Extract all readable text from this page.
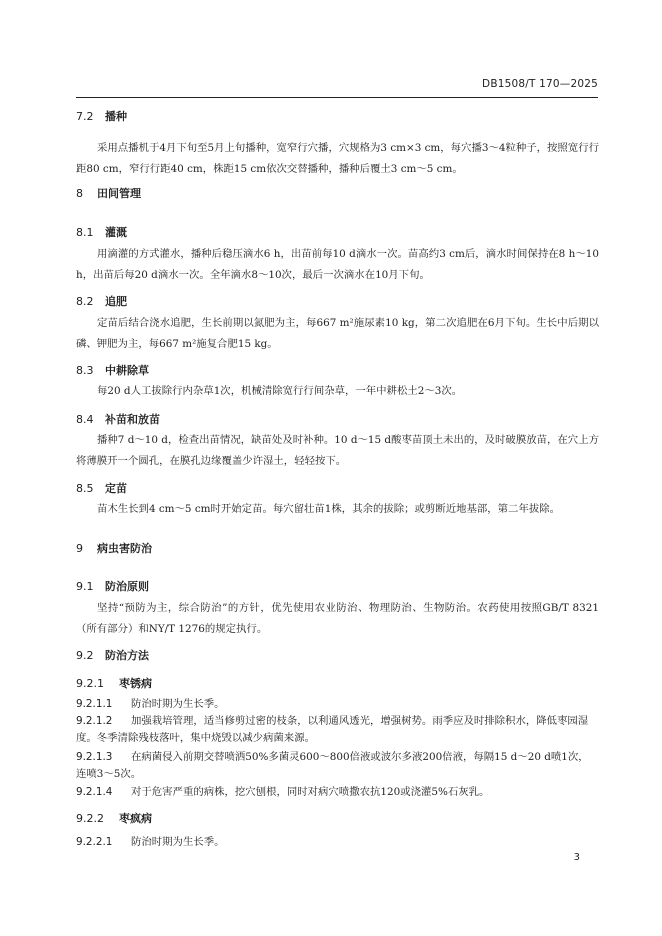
DB1508/T 170—2025
7.2 播种
采用点播机于4月下旬至5月上旬播种，宽窄行穴播，穴规格为3 cm×3 cm，每穴播3～4粒种子，按照宽行行距80 cm，窄行行距40 cm，株距15 cm依次交替播种，播种后覆土3 cm～5 cm。
8 田间管理
8.1 灌溉
用滴灌的方式灌水，播种后稳压滴水6 h，出苗前每10 d滴水一次。苗高约3 cm后，滴水时间保持在8 h～10 h，出苗后每20 d滴水一次。全年滴水8～10次，最后一次滴水在10月下旬。
8.2 追肥
定苗后结合浇水追肥，生长前期以氮肥为主，每667 m²施尿素10 kg，第二次追肥在6月下旬。生长中后期以磷、钾肥为主，每667 m²施复合肥15 kg。
8.3 中耕除草
每20 d人工拔除行内杂草1次，机械清除宽行行间杂草，一年中耕松土2～3次。
8.4 补苗和放苗
播种7 d～10 d，检查出苗情况，缺苗处及时补种。10 d～15 d酸枣苗顶土未出的，及时破膜放苗，在穴上方将薄膜开一个圆孔，在膜孔边缘覆盖少许湿土，轻轻按下。
8.5 定苗
苗木生长到4 cm～5 cm时开始定苗。每穴留壮苗1株，其余的拔除；或剪断近地基部，第二年拔除。
9 病虫害防治
9.1 防治原则
坚持“预防为主，综合防治”的方针，优先使用农业防治、物理防治、生物防治。农药使用按照GB/T 8321（所有部分）和NY/T 1276的规定执行。
9.2 防治方法
9.2.1 枣锈病
9.2.1.1 防治时期为生长季。
9.2.1.2 加强栽培管理，适当修剪过密的枝条，以利通风透光，增强树势。雨季应及时排除积水，降低枣园湿度。冬季清除残枝落叶，集中烧毁以减少病菌来源。
9.2.1.3 在病菌侵入前期交替喷洒50%多菌灵600～800倍液或波尔多液200倍液，每隔15 d～20 d喷1次，连喷3～5次。
9.2.1.4 对于危害严重的病株，挖穴刨根，同时对病穴喷撒农抗120或浇灌5%石灰乳。
9.2.2 枣疯病
9.2.2.1 防治时期为生长季。
3
